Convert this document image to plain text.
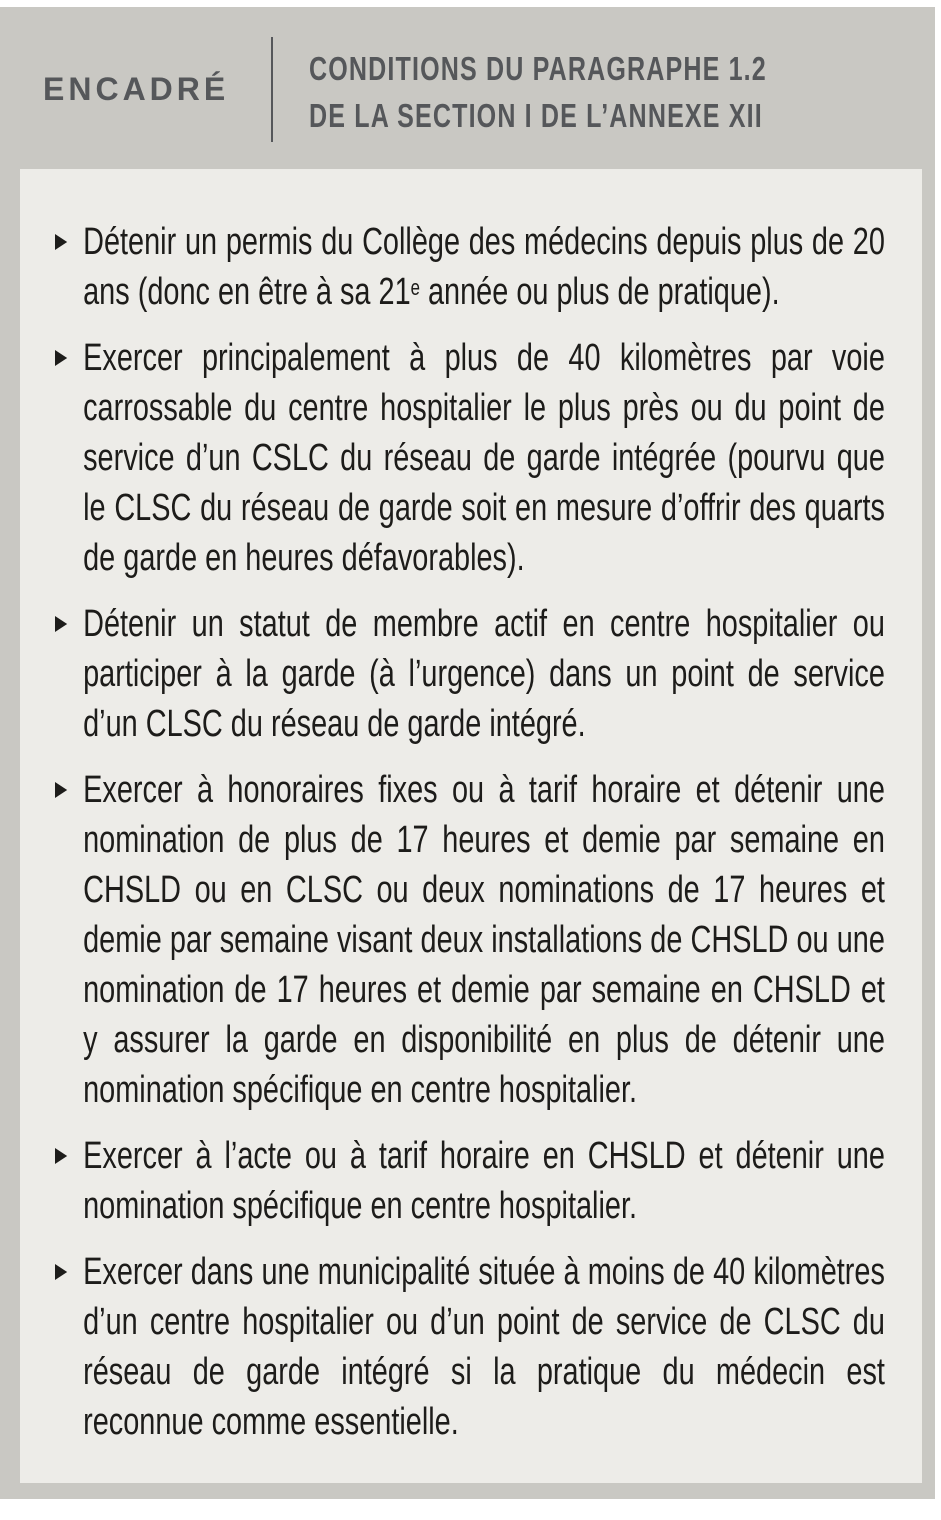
ENCADRÉ
CONDITIONS DU PARAGRAPHE 1.2
DE LA SECTION I DE L’ANNEXE XII
Détenir un permis du Collège des médecins depuis plus de 20 ans (donc en être à sa 21e année ou plus de pratique).
Exercer principalement à plus de 40 kilomètres par voie carrossable du centre hospitalier le plus près ou du point de service d’un CSLC du réseau de garde intégrée (pourvu que le CLSC du réseau de garde soit en mesure d’offrir des quarts de garde en heures défavorables).
Détenir un statut de membre actif en centre hospitalier ou participer à la garde (à l’urgence) dans un point de service d’un CLSC du réseau de garde intégré.
Exercer à honoraires fixes ou à tarif horaire et détenir une nomination de plus de 17 heures et demie par semaine en CHSLD ou en CLSC ou deux nominations de 17 heures et demie par semaine visant deux installations de CHSLD ou une nomination de 17 heures et demie par semaine en CHSLD et y assurer la garde en disponibilité en plus de détenir une nomination spécifique en centre hospitalier.
Exercer à l’acte ou à tarif horaire en CHSLD et détenir une nomination spécifique en centre hospitalier.
Exercer dans une municipalité située à moins de 40 kilomètres d’un centre hospitalier ou d’un point de service de CLSC du réseau de garde intégré si la pratique du médecin est reconnue comme essentielle.
